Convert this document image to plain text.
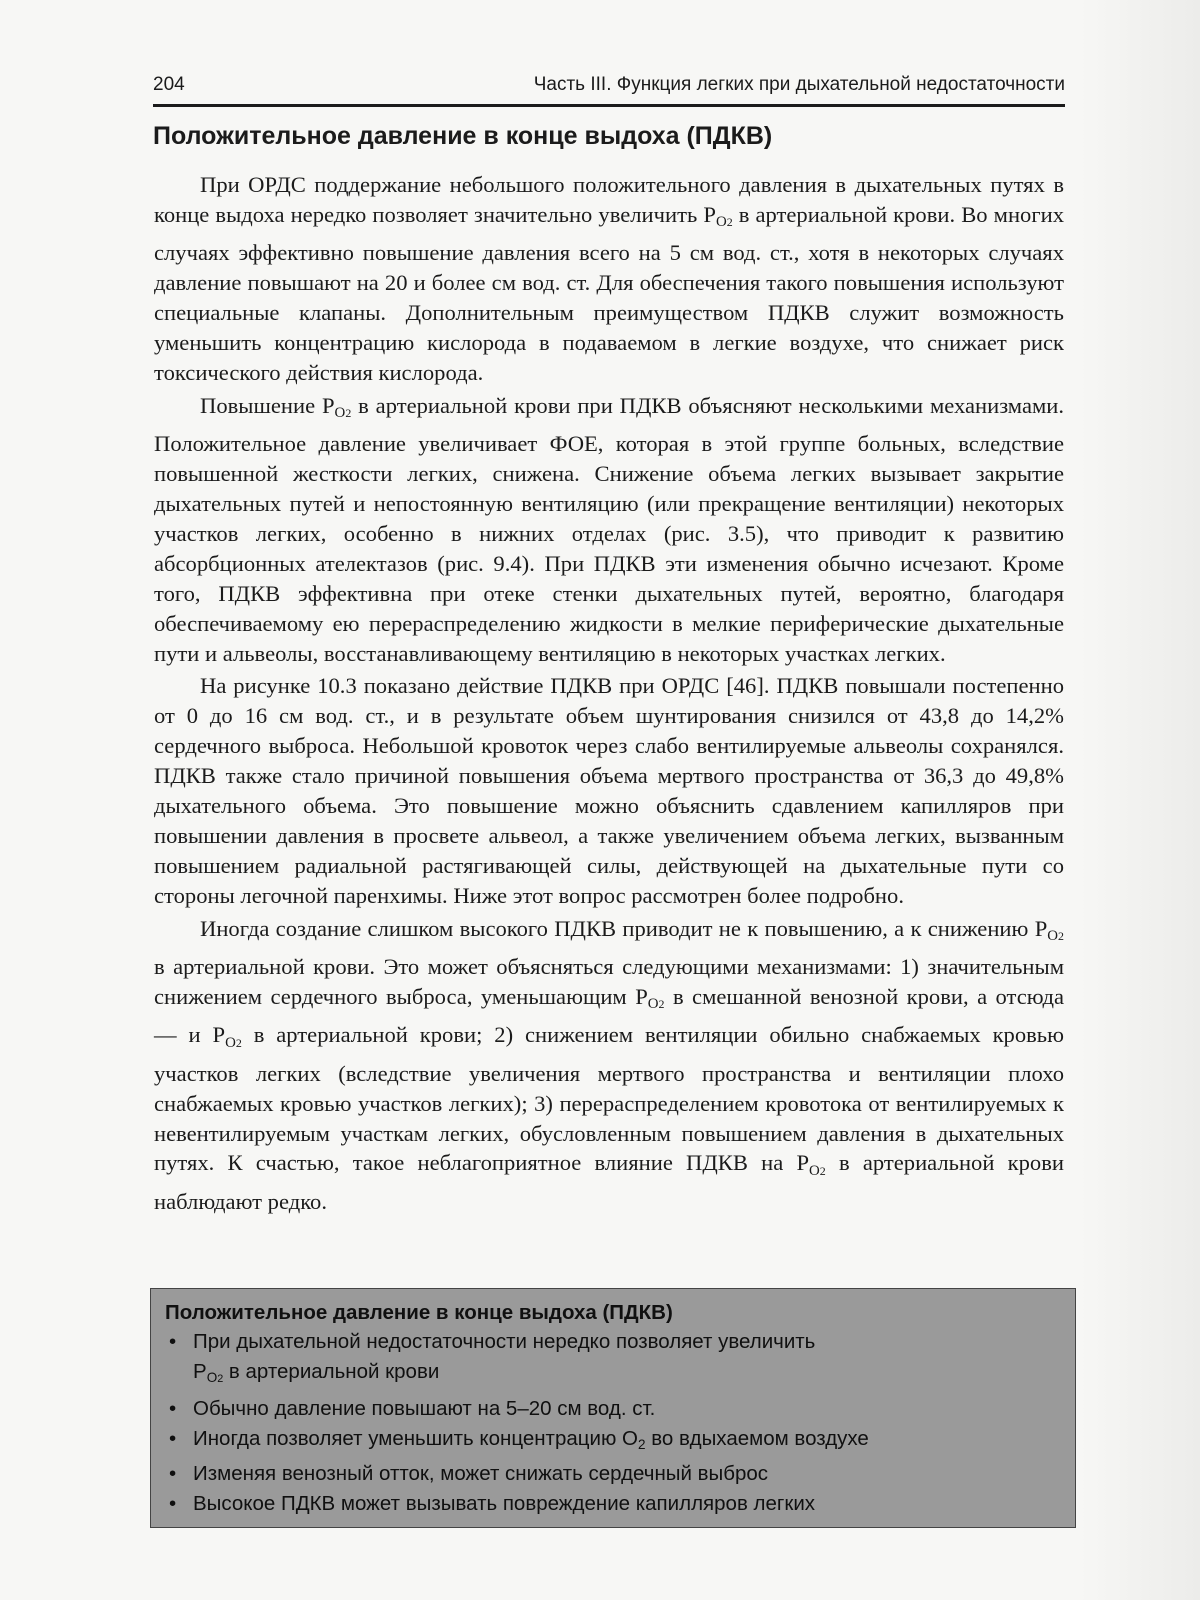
204	Часть III. Функция легких при дыхательной недостаточности
Положительное давление в конце выдоха (ПДКВ)

При ОРДС поддержание небольшого положительного давления в дыхательных путях в конце выдоха нередко позволяет значительно увеличить $P_{O2}$ в артериальной крови. Во многих случаях эффективно повышение давления всего на 5 см вод. ст., хотя в некоторых случаях давление повышают на 20 и более см вод. ст. Для обеспечения такого повышения используют специальные клапаны. Дополнительным преимуществом ПДКВ служит возможность уменьшить концентрацию кислорода в подаваемом в легкие воздухе, что снижает риск токсического действия кислорода.

Повышение $P_{O2}$ в артериальной крови при ПДКВ объясняют несколькими механизмами. Положительное давление увеличивает ФОЕ, которая в этой группе больных, вследствие повышенной жесткости легких, снижена. Снижение объема легких вызывает закрытие дыхательных путей и непостоянную вентиляцию (или прекращение вентиляции) некоторых участков легких, особенно в нижних отделах (рис. 3.5), что приводит к развитию абсорбционных ателектазов (рис. 9.4). При ПДКВ эти изменения обычно исчезают. Кроме того, ПДКВ эффективна при отеке стенки дыхательных путей, вероятно, благодаря обеспечиваемому ею перераспределению жидкости в мелкие периферические дыхательные пути и альвеолы, восстанавливающему вентиляцию в некоторых участках легких.

На рисунке 10.3 показано действие ПДКВ при ОРДС [46]. ПДКВ повышали постепенно от 0 до 16 см вод. ст., и в результате объем шунтирования снизился от 43,8 до 14,2% сердечного выброса. Небольшой кровоток через слабо вентилируемые альвеолы сохранялся. ПДКВ также стало причиной повышения объема мертвого пространства от 36,3 до 49,8% дыхательного объема. Это повышение можно объяснить сдавлением капилляров при повышении давления в просвете альвеол, а также увеличением объема легких, вызванным повышением радиальной растягивающей силы, действующей на дыхательные пути со стороны легочной паренхимы. Ниже этот вопрос рассмотрен более подробно.

Иногда создание слишком высокого ПДКВ приводит не к повышению, а к снижению $P_{O2}$ в артериальной крови. Это может объясняться следующими механизмами: 1) значительным снижением сердечного выброса, уменьшающим $P_{O2}$ в смешанной венозной крови, а отсюда — и $P_{O2}$ в артериальной крови; 2) снижением вентиляции обильно снабжаемых кровью участков легких (вследствие увеличения мертвого пространства и вентиляции плохо снабжаемых кровью участков легких); 3) перераспределением кровотока от вентилируемых к невентилируемым участкам легких, обусловленным повышением давления в дыхательных путях. К счастью, такое неблагоприятное влияние ПДКВ на $P_{O2}$ в артериальной крови наблюдают редко.

Положительное давление в конце выдоха (ПДКВ)
• При дыхательной недостаточности нередко позволяет увеличить
$P_{O2}$ в артериальной крови
• Обычно давление повышают на 5–20 см вод. ст.
• Иногда позволяет уменьшить концентрацию $O_2$ во вдыхаемом воздухе
• Изменяя венозный отток, может снижать сердечный выброс
• Высокое ПДКВ может вызывать повреждение капилляров легких
